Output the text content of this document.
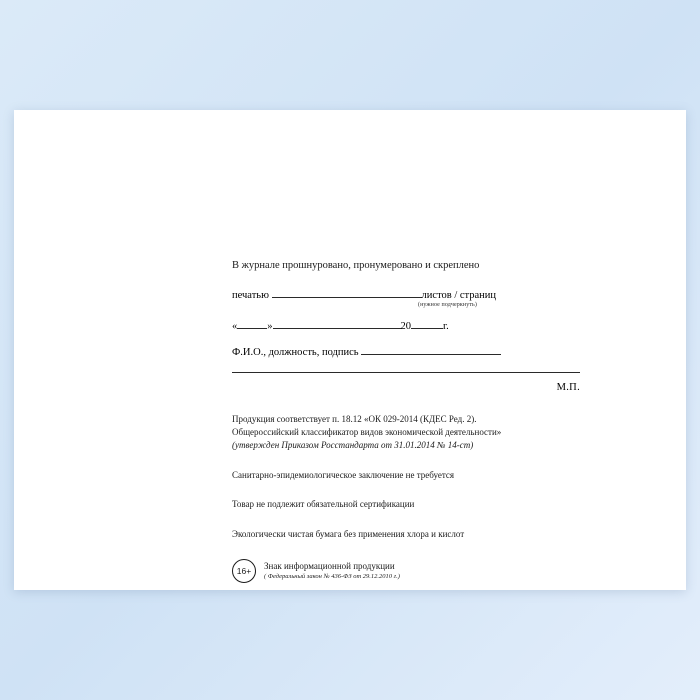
В журнале прошнуровано, пронумеровано и скреплено
печатью	листов / страниц
(нужное подчеркнуть)
«	»	20	г.
Ф.И.О., должность, подпись
М.П.
Продукция соответствует п. 18.12 «ОК 029-2014 (КДЕС Ред. 2).
Общероссийский классификатор видов экономической деятельности»
(утвержден Приказом Росстандарта от 31.01.2014 № 14-ст)
Санитарно-эпидемиологическое заключение не требуется
Товар не подлежит обязательной сертификации
Экологически чистая бумага без применения хлора и кислот
16+
Знак информационной продукции
( Федеральный закон № 436-ФЗ от 29.12.2010 г.)
